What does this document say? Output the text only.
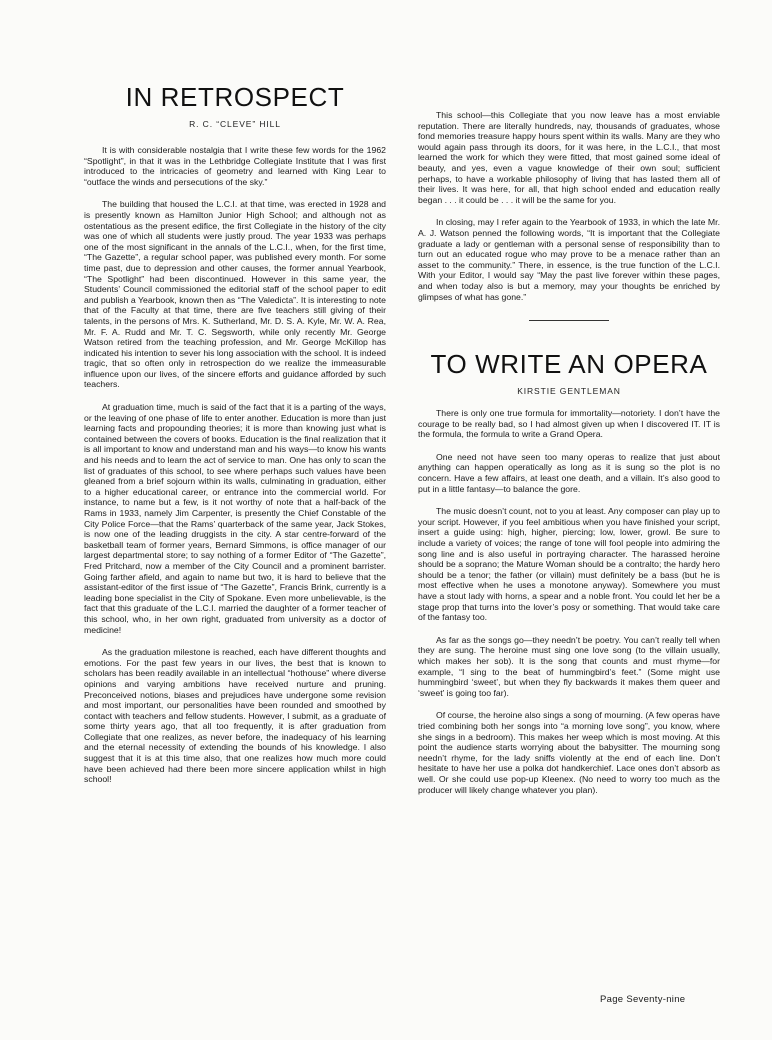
IN RETROSPECT

R. C. “CLEVE” HILL

It is with considerable nostalgia that I write these few words for the 1962 “Spotlight”, in that it was in the Lethbridge Collegiate Institute that I was first introduced to the intricacies of geometry and learned with King Lear to “outface the winds and persecutions of the sky.”

The building that housed the L.C.I. at that time, was erected in 1928 and is presently known as Hamilton Junior High School; and although not as ostentatious as the present edifice, the first Collegiate in the history of the city was one of which all students were justly proud. The year 1933 was perhaps one of the most significant in the annals of the L.C.I., when, for the first time, “The Gazette”, a regular school paper, was published every month. For some time past, due to depression and other causes, the former annual Yearbook, “The Spotlight” had been discontinued. However in this same year, the Students’ Council commissioned the editorial staff of the school paper to edit and publish a Yearbook, known then as “The Valedicta”. It is interesting to note that of the Faculty at that time, there are five teachers still giving of their talents, in the persons of Mrs. K. Sutherland, Mr. D. S. A. Kyle, Mr. W. A. Rea, Mr. F. A. Rudd and Mr. T. C. Segsworth, while only recently Mr. George Watson retired from the teaching profession, and Mr. George McKillop has indicated his intention to sever his long association with the school. It is indeed tragic, that so often only in retrospection do we realize the immeasurable influence upon our lives, of the sincere efforts and guidance afforded by such teachers.

At graduation time, much is said of the fact that it is a parting of the ways, or the leaving of one phase of life to enter another. Education is more than just learning facts and propounding theories; it is more than knowing just what is contained between the covers of books. Education is the final realization that it is all important to know and understand man and his ways—to know his wants and his needs and to learn the act of service to man. One has only to scan the list of graduates of this school, to see where perhaps such values have been gleaned from a brief sojourn within its walls, culminating in graduation, either to a higher educational career, or entrance into the commercial world. For instance, to name but a few, is it not worthy of note that a half-back of the Rams in 1933, namely Jim Carpenter, is presently the Chief Constable of the City Police Force—that the Rams’ quarterback of the same year, Jack Stokes, is now one of the leading druggists in the city. A star centre-forward of the basketball team of former years, Bernard Simmons, is office manager of our largest departmental store; to say nothing of a former Editor of “The Gazette”, Fred Pritchard, now a member of the City Council and a prominent barrister. Going farther afield, and again to name but two, it is hard to believe that the assistant-editor of the first issue of “The Gazette”, Francis Brink, currently is a leading bone specialist in the City of Spokane. Even more unbelievable, is the fact that this graduate of the L.C.I. married the daughter of a former teacher of this school, who, in her own right, graduated from university as a doctor of medicine!

As the graduation milestone is reached, each have different thoughts and emotions. For the past few years in our lives, the best that is known to scholars has been readily available in an intellectual “hothouse” where diverse opinions and varying ambitions have received nurture and pruning. Preconceived notions, biases and prejudices have undergone some revision and most important, our personalities have been rounded and smoothed by contact with teachers and fellow students. However, I submit, as a graduate of some thirty years ago, that all too frequently, it is after graduation from Collegiate that one realizes, as never before, the inadequacy of his learning and the eternal necessity of extending the bounds of his knowledge. I also suggest that it is at this time also, that one realizes how much more could have been achieved had there been more sincere application whilst in high school!

This school—this Collegiate that you now leave has a most enviable reputation. There are literally hundreds, nay, thousands of graduates, whose fond memories treasure happy hours spent within its walls. Many are they who would again pass through its doors, for it was here, in the L.C.I., that most learned the work for which they were fitted, that most gained some ideal of beauty, and yes, even a vague knowledge of their own soul; sufficient perhaps, to have a workable philosophy of living that has lasted them all of their lives. It was here, for all, that high school ended and education really began . . . it could be . . . it will be the same for you.

In closing, may I refer again to the Yearbook of 1933, in which the late Mr. A. J. Watson penned the following words, “It is important that the Collegiate graduate a lady or gentleman with a personal sense of responsibility than to turn out an educated rogue who may prove to be a menace rather than an asset to the community.” There, in essence, is the true function of the L.C.I. With your Editor, I would say “May the past live forever within these pages, and when today also is but a memory, may your thoughts be enriched by glimpses of what has gone.”

TO WRITE AN OPERA

KIRSTIE GENTLEMAN

There is only one true formula for immortality—notoriety. I don’t have the courage to be really bad, so I had almost given up when I discovered IT. IT is the formula, the formula to write a Grand Opera.

One need not have seen too many operas to realize that just about anything can happen operatically as long as it is sung so the plot is no concern. Have a few affairs, at least one death, and a villain. It’s also good to put in a little fantasy—to balance the gore.

The music doesn’t count, not to you at least. Any composer can play up to your script. However, if you feel ambitious when you have finished your script, insert a guide using: high, higher, piercing; low, lower, growl. Be sure to include a variety of voices; the range of tone will fool people into admiring the song line and is also useful in portraying character. The harassed heroine should be a soprano; the Mature Woman should be a contralto; the hardy hero should be a tenor; the father (or villain) must definitely be a bass (but he is most effective when he uses a monotone anyway). Somewhere you must have a stout lady with horns, a spear and a noble front. You could let her be a stage prop that turns into the lover’s posy or something. That would take care of the fantasy too.

As far as the songs go—they needn’t be poetry. You can’t really tell when they are sung. The heroine must sing one love song (to the villain usually, which makes her sob). It is the song that counts and must rhyme—for example, “I sing to the beat of hummingbird’s feet.” (Some might use hummingbird ‘sweet’, but when they fly backwards it makes them queer and ‘sweet’ is going too far).

Of course, the heroine also sings a song of mourning. (A few operas have tried combining both her songs into “a morning love song”, you know, where she sings in a bedroom). This makes her weep which is most moving. At this point the audience starts worrying about the babysitter. The mourning song needn’t rhyme, for the lady sniffs violently at the end of each line. Don’t hesitate to have her use a polka dot handkerchief. Lace ones don’t absorb as well. Or she could use pop-up Kleenex. (No need to worry too much as the producer will likely change whatever you plan).

Page Seventy-nine
